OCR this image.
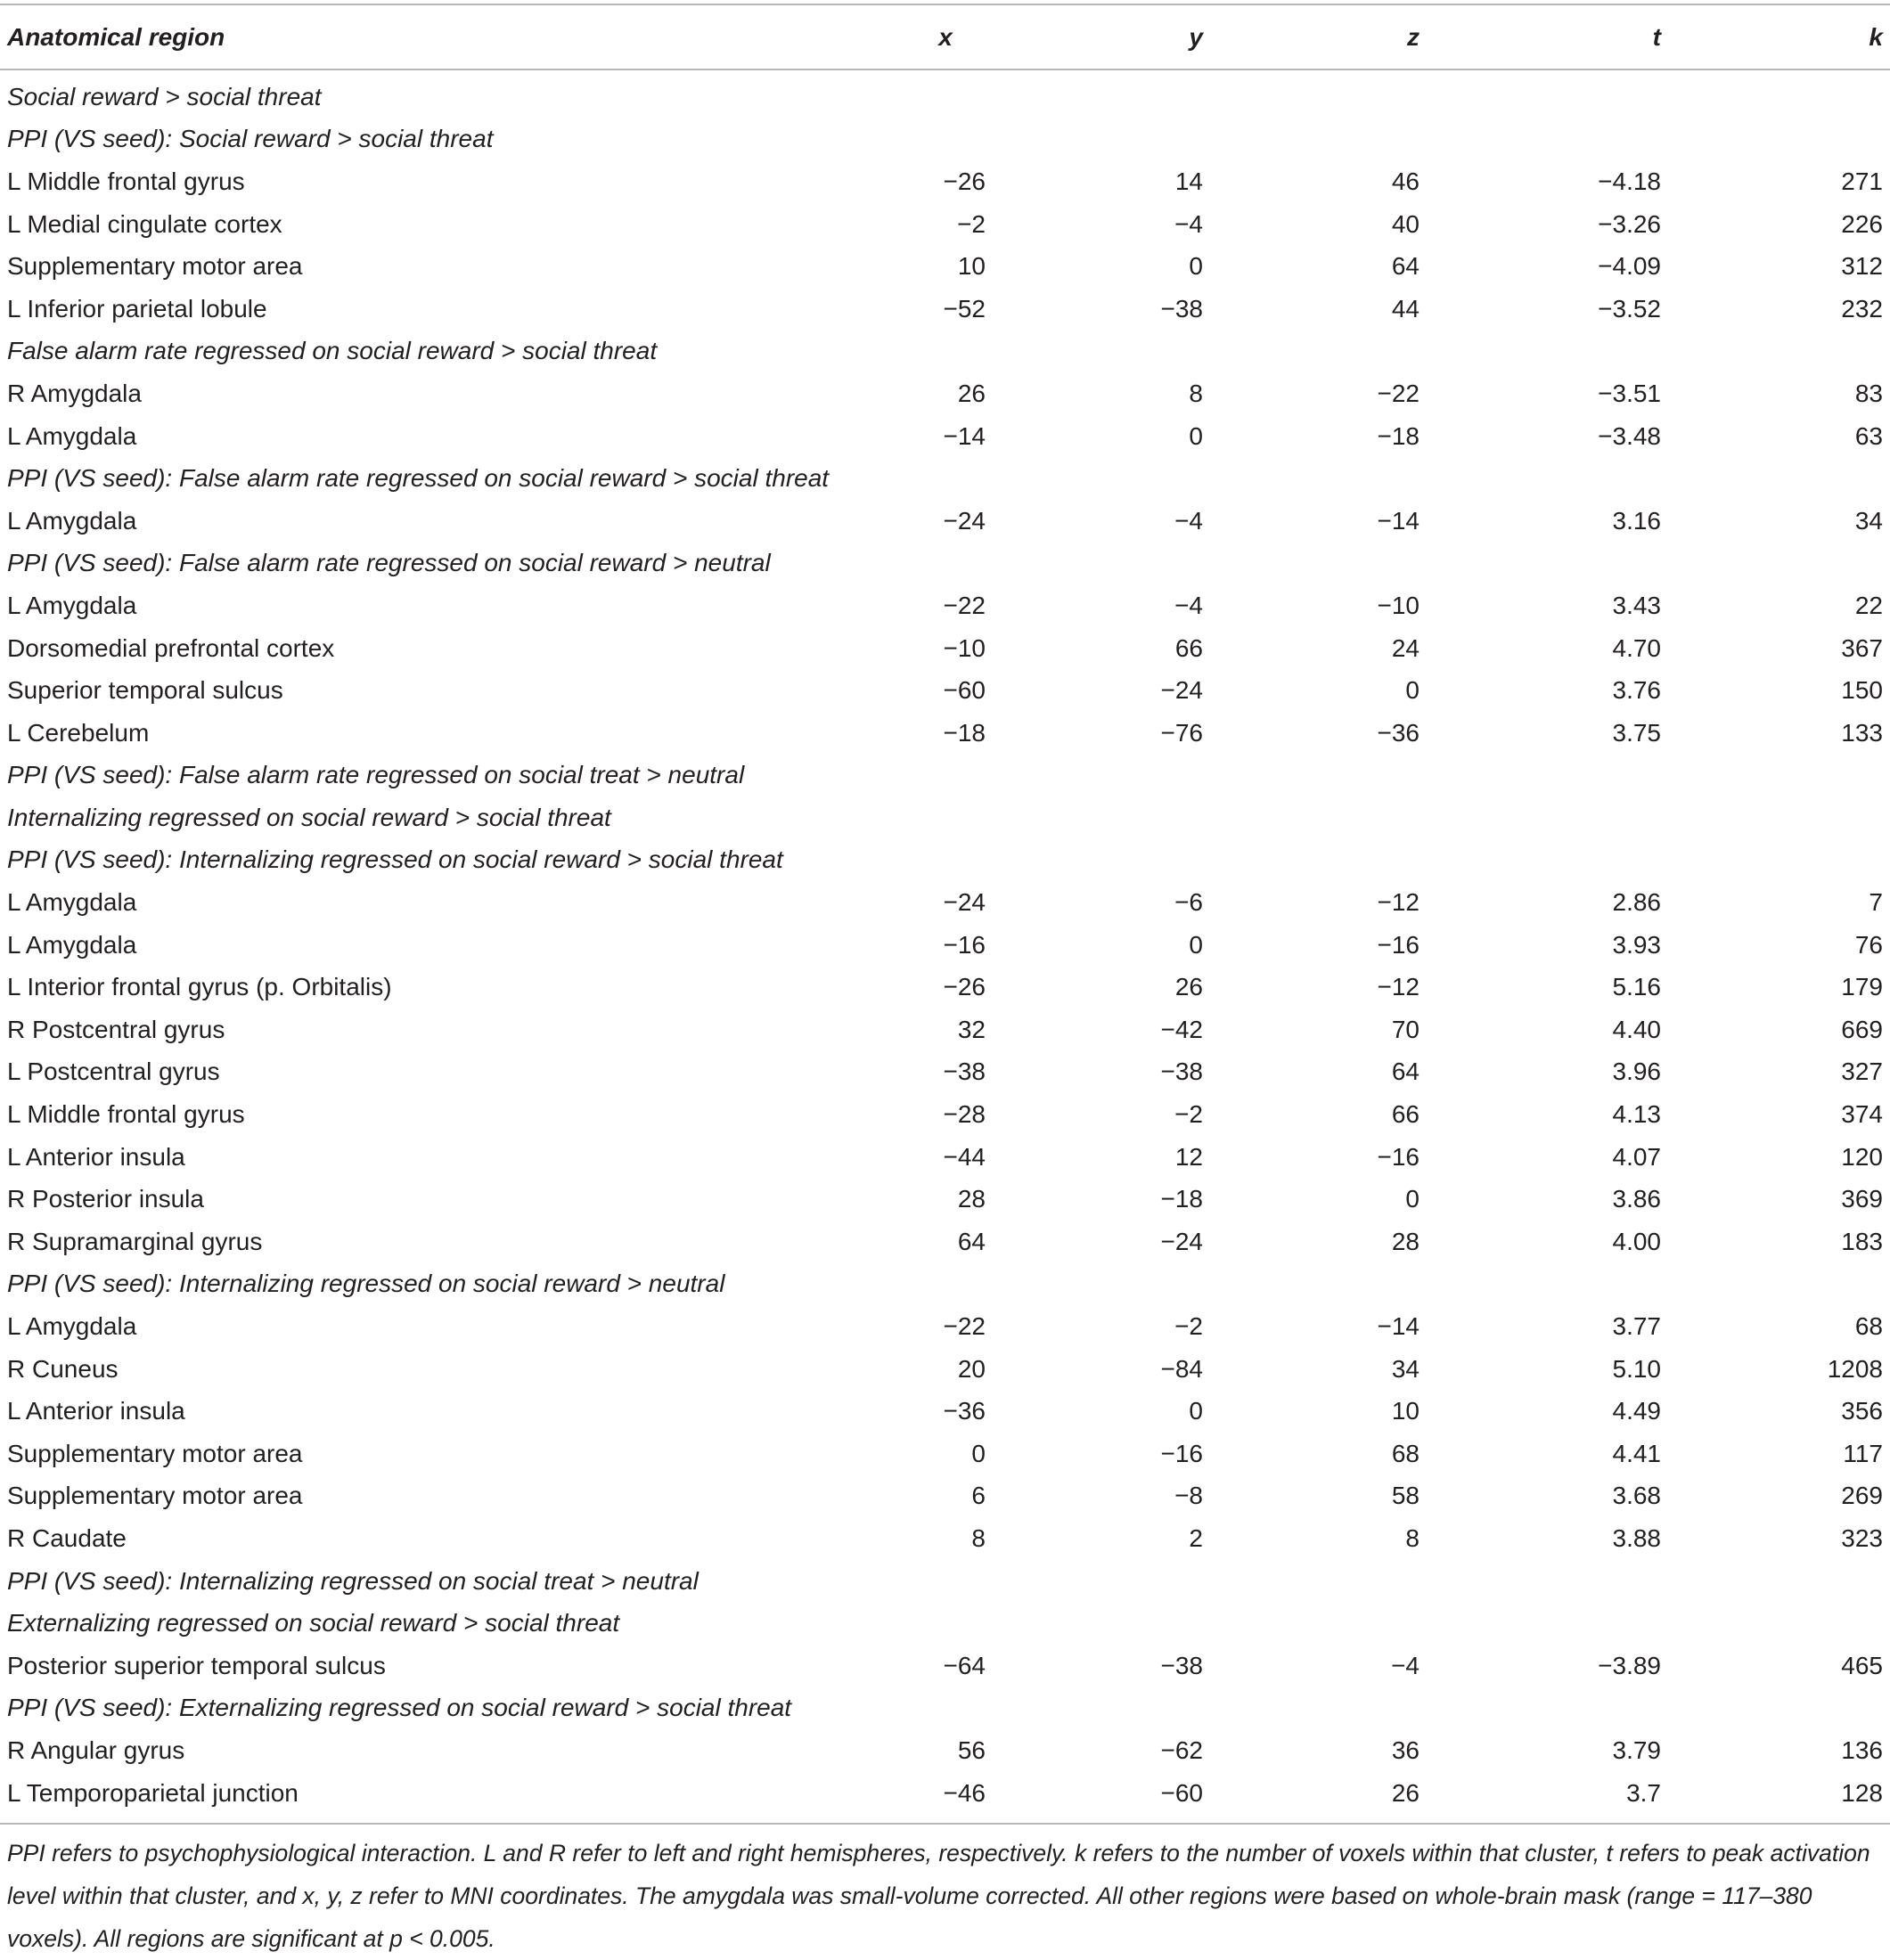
Anatomical region	x	y	z	t	k
Social reward > social threat					
PPI (VS seed): Social reward > social threat					
L Middle frontal gyrus	−26	14	46	−4.18	271
L Medial cingulate cortex	−2	−4	40	−3.26	226
Supplementary motor area	10	0	64	−4.09	312
L Inferior parietal lobule	−52	−38	44	−3.52	232
False alarm rate regressed on social reward > social threat					
R Amygdala	26	8	−22	−3.51	83
L Amygdala	−14	0	−18	−3.48	63
PPI (VS seed): False alarm rate regressed on social reward > social threat					
L Amygdala	−24	−4	−14	3.16	34
PPI (VS seed): False alarm rate regressed on social reward > neutral					
L Amygdala	−22	−4	−10	3.43	22
Dorsomedial prefrontal cortex	−10	66	24	4.70	367
Superior temporal sulcus	−60	−24	0	3.76	150
L Cerebelum	−18	−76	−36	3.75	133
PPI (VS seed): False alarm rate regressed on social treat > neutral					
Internalizing regressed on social reward > social threat					
PPI (VS seed): Internalizing regressed on social reward > social threat					
L Amygdala	−24	−6	−12	2.86	7
L Amygdala	−16	0	−16	3.93	76
L Interior frontal gyrus (p. Orbitalis)	−26	26	−12	5.16	179
R Postcentral gyrus	32	−42	70	4.40	669
L Postcentral gyrus	−38	−38	64	3.96	327
L Middle frontal gyrus	−28	−2	66	4.13	374
L Anterior insula	−44	12	−16	4.07	120
R Posterior insula	28	−18	0	3.86	369
R Supramarginal gyrus	64	−24	28	4.00	183
PPI (VS seed): Internalizing regressed on social reward > neutral					
L Amygdala	−22	−2	−14	3.77	68
R Cuneus	20	−84	34	5.10	1208
L Anterior insula	−36	0	10	4.49	356
Supplementary motor area	0	−16	68	4.41	117
Supplementary motor area	6	−8	58	3.68	269
R Caudate	8	2	8	3.88	323
PPI (VS seed): Internalizing regressed on social treat > neutral					
Externalizing regressed on social reward > social threat					
Posterior superior temporal sulcus	−64	−38	−4	−3.89	465
PPI (VS seed): Externalizing regressed on social reward > social threat					
R Angular gyrus	56	−62	36	3.79	136
L Temporoparietal junction	−46	−60	26	3.7	128
PPI refers to psychophysiological interaction. L and R refer to left and right hemispheres, respectively. k refers to the number of voxels within that cluster, t refers to peak activation level within that cluster, and x, y, z refer to MNI coordinates. The amygdala was small-volume corrected. All other regions were based on whole-brain mask (range = 117–380 voxels). All regions are significant at p < 0.005.
